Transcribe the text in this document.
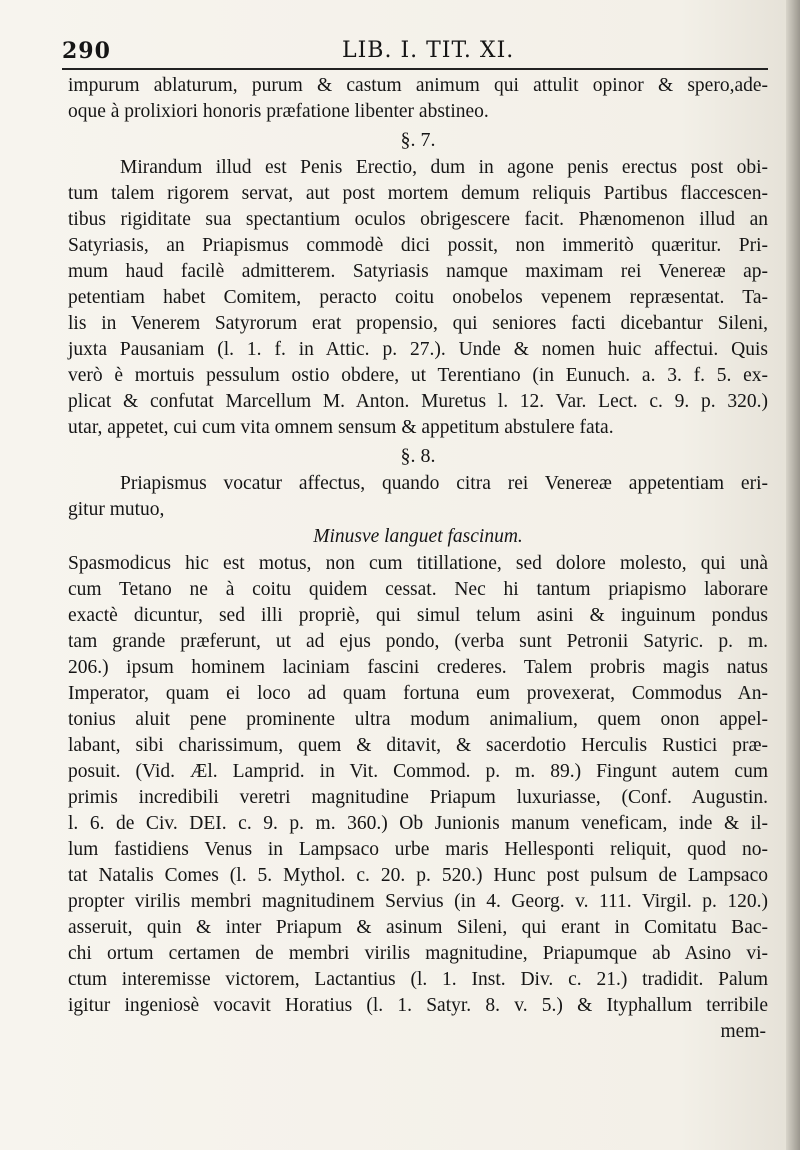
290	LIB. I. TIT. XI.
impurum ablaturum, purum & castum animum qui attulit opinor & spero,ade-
oque à prolixiori honoris præfatione libenter abstineo.
§. 7.
Mirandum illud est Penis Erectio, dum in agone penis erectus post obi-
tum talem rigorem servat, aut post mortem demum reliquis Partibus flaccescen-
tibus rigiditate sua spectantium oculos obrigescere facit. Phænomenon illud an
Satyriasis, an Priapismus commodè dici possit, non immeritò quæritur. Pri-
mum haud facilè admitterem. Satyriasis namque maximam rei Venereæ ap-
petentiam habet Comitem, peracto coitu onobelos vepenem repræsentat. Ta-
lis in Venerem Satyrorum erat propensio, qui seniores facti dicebantur Sileni,
juxta Pausaniam (l. 1. f. in Attic. p. 27.). Unde & nomen huic affectui. Quis
verò è mortuis pessulum ostio obdere, ut Terentiano (in Eunuch. a. 3. f. 5. ex-
plicat & confutat Marcellum M. Anton. Muretus l. 12. Var. Lect. c. 9. p. 320.)
utar, appetet, cui cum vita omnem sensum & appetitum abstulere fata.
§. 8.
Priapismus vocatur affectus, quando citra rei Venereæ appetentiam eri-
gitur mutuo,
Minusve languet fascinum.
Spasmodicus hic est motus, non cum titillatione, sed dolore molesto, qui unà
cum Tetano ne à coitu quidem cessat. Nec hi tantum priapismo laborare
exactè dicuntur, sed illi propriè, qui simul telum asini & inguinum pondus
tam grande præferunt, ut ad ejus pondo, (verba sunt Petronii Satyric. p. m.
206.) ipsum hominem laciniam fascini crederes. Talem probris magis natus
Imperator, quam ei loco ad quam fortuna eum provexerat, Commodus An-
tonius aluit pene prominente ultra modum animalium, quem onon appel-
labant, sibi charissimum, quem & ditavit, & sacerdotio Herculis Rustici præ-
posuit. (Vid. Æl. Lamprid. in Vit. Commod. p. m. 89.) Fingunt autem cum
primis incredibili veretri magnitudine Priapum luxuriasse, (Conf. Augustin.
l. 6. de Civ. DEI. c. 9. p. m. 360.) Ob Junionis manum veneficam, inde & il-
lum fastidiens Venus in Lampsaco urbe maris Hellesponti reliquit, quod no-
tat Natalis Comes (l. 5. Mythol. c. 20. p. 520.) Hunc post pulsum de Lampsaco
propter virilis membri magnitudinem Servius (in 4. Georg. v. 111. Virgil. p. 120.)
asseruit, quin & inter Priapum & asinum Sileni, qui erant in Comitatu Bac-
chi ortum certamen de membri virilis magnitudine, Priapumque ab Asino vi-
ctum interemisse victorem, Lactantius (l. 1. Inst. Div. c. 21.) tradidit. Palum
igitur ingeniosè vocavit Horatius (l. 1. Satyr. 8. v. 5.) & Ityphallum terribile
mem-
